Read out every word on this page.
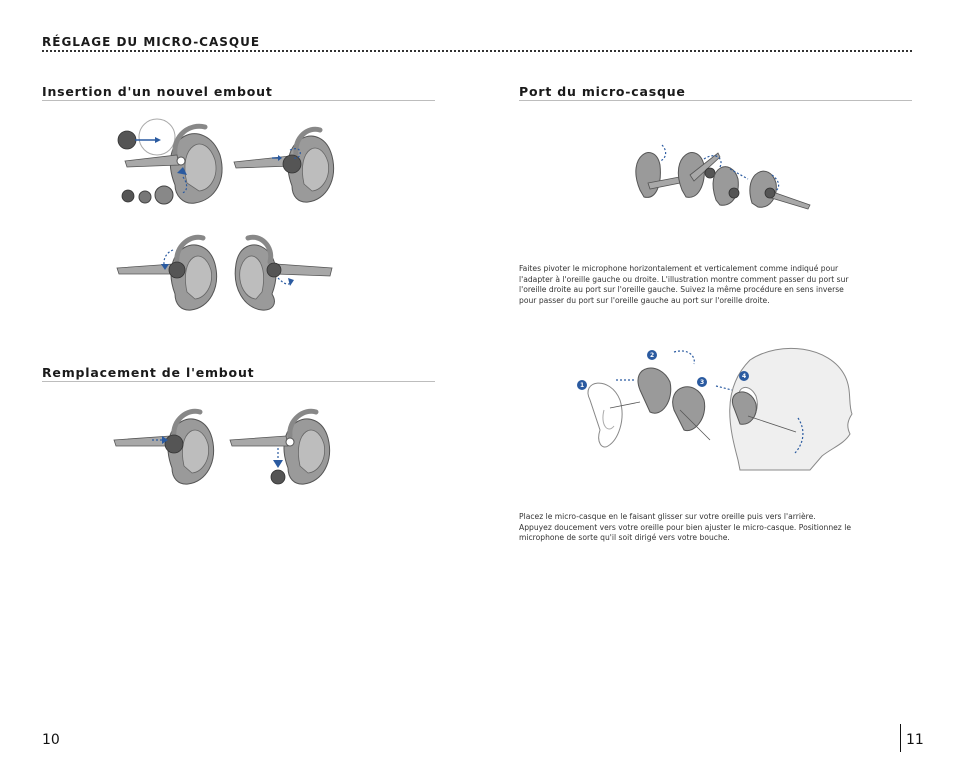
RÉGLAGE DU MICRO-CASQUE
Insertion d'un nouvel embout
Remplacement de l'embout
Port du micro-casque
Faites pivoter le microphone horizontalement et verticalement comme indiqué pour
l'adapter à l'oreille gauche ou droite. L'illustration montre comment passer du port sur
l'oreille droite au port sur l'oreille gauche. Suivez la même procédure en sens inverse
pour passer du port sur l'oreille gauche au port sur l'oreille droite.
1
2
3
4
Placez le micro-casque en le faisant glisser sur votre oreille puis vers l'arrière.
Appuyez doucement vers votre oreille pour bien ajuster le micro-casque. Positionnez le
microphone de sorte qu'il soit dirigé vers votre bouche.
10	11
